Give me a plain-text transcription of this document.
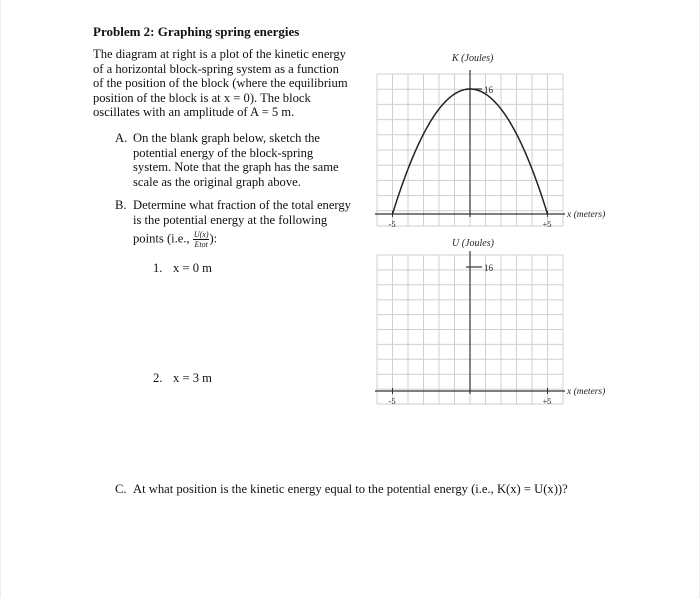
Problem 2: Graphing spring energies
The diagram at right is a plot of the kinetic energy
of a horizontal block-spring system as a function
of the position of the block (where the equilibrium
position of the block is at x = 0). The block
oscillates with an amplitude of A = 5 m.
A. On the blank graph below, sketch the
potential energy of the block-spring
system. Note that the graph has the same
scale as the original graph above.
B. Determine what fraction of the total energy
is the potential energy at the following
points (i.e., $\frac{U(x)}{\text{Etot}}$ ):
1. x = 0 m
2. x = 3 m
C. At what position is the kinetic energy equal to the potential energy (i.e., K(x) = U(x))?
16
-5	+5
K (Joules)
x (meters)
16
-5	+5
U (Joules)
x (meters)
